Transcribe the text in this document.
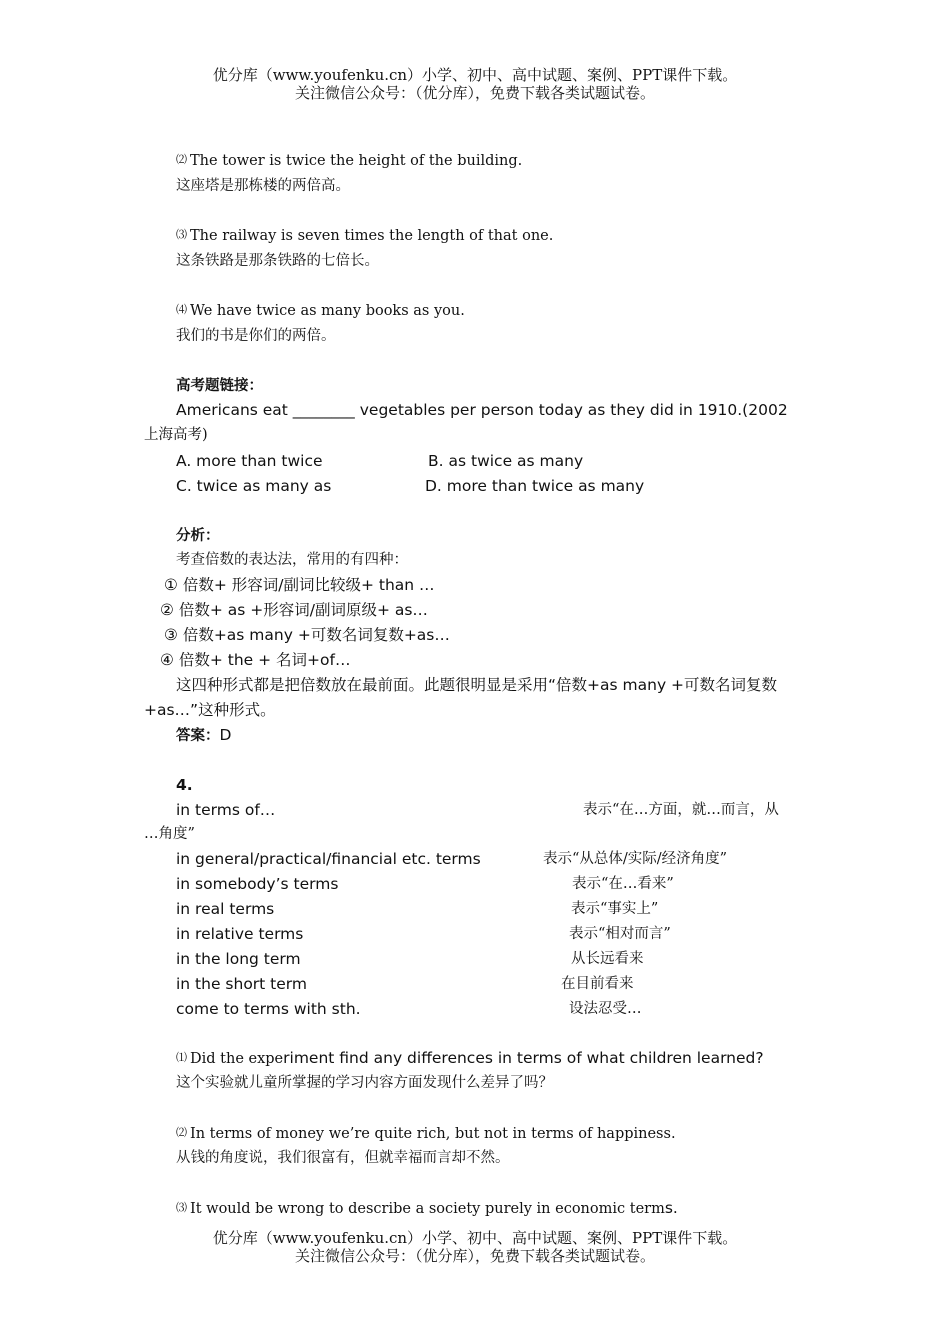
优分库（www.youfenku.cn）小学、初中、高中试题、案例、PPT课件下载。
关注微信公众号：（优分库），免费下载各类试题试卷。
⑵ The tower is twice the height of the building.
这座塔是那栋楼的两倍高。
⑶ The railway is seven times the length of that one.
这条铁路是那条铁路的七倍长。
⑷ We have twice as many books as you.
我们的书是你们的两倍。
高考题链接：
Americans eat ________ vegetables per person today as they did in 1910.(2002
上海高考)
A. more than twice	B. as twice as many
C. twice as many as	D. more than twice as many
分析：
考查倍数的表达法，常用的有四种：
① 倍数+ 形容词/副词比较级+ than …
② 倍数+ as +形容词/副词原级+ as…
③ 倍数+as many +可数名词复数+as…
④ 倍数+ the + 名词+of…
这四种形式都是把倍数放在最前面。此题很明显是采用“倍数+as many +可数名词复数
+as…”这种形式。
答案：D
4.
in terms of…	表示“在…方面，就…而言，从
…角度”
in general/practical/financial etc. terms	表示“从总体/实际/经济角度”
in somebody’s terms	表示“在…看来”
in real terms	表示“事实上”
in relative terms	表示“相对而言”
in the long term	从长远看来
in the short term	在目前看来
come to terms with sth.	设法忍受…
⑴ Did the experiment find any differences in terms of what children learned?
这个实验就儿童所掌握的学习内容方面发现什么差异了吗？
⑵ In terms of money we’re quite rich, but not in terms of happiness.
从钱的角度说，我们很富有，但就幸福而言却不然。
⑶ It would be wrong to describe a society purely in economic terms.
优分库（www.youfenku.cn）小学、初中、高中试题、案例、PPT课件下载。
关注微信公众号：（优分库），免费下载各类试题试卷。
